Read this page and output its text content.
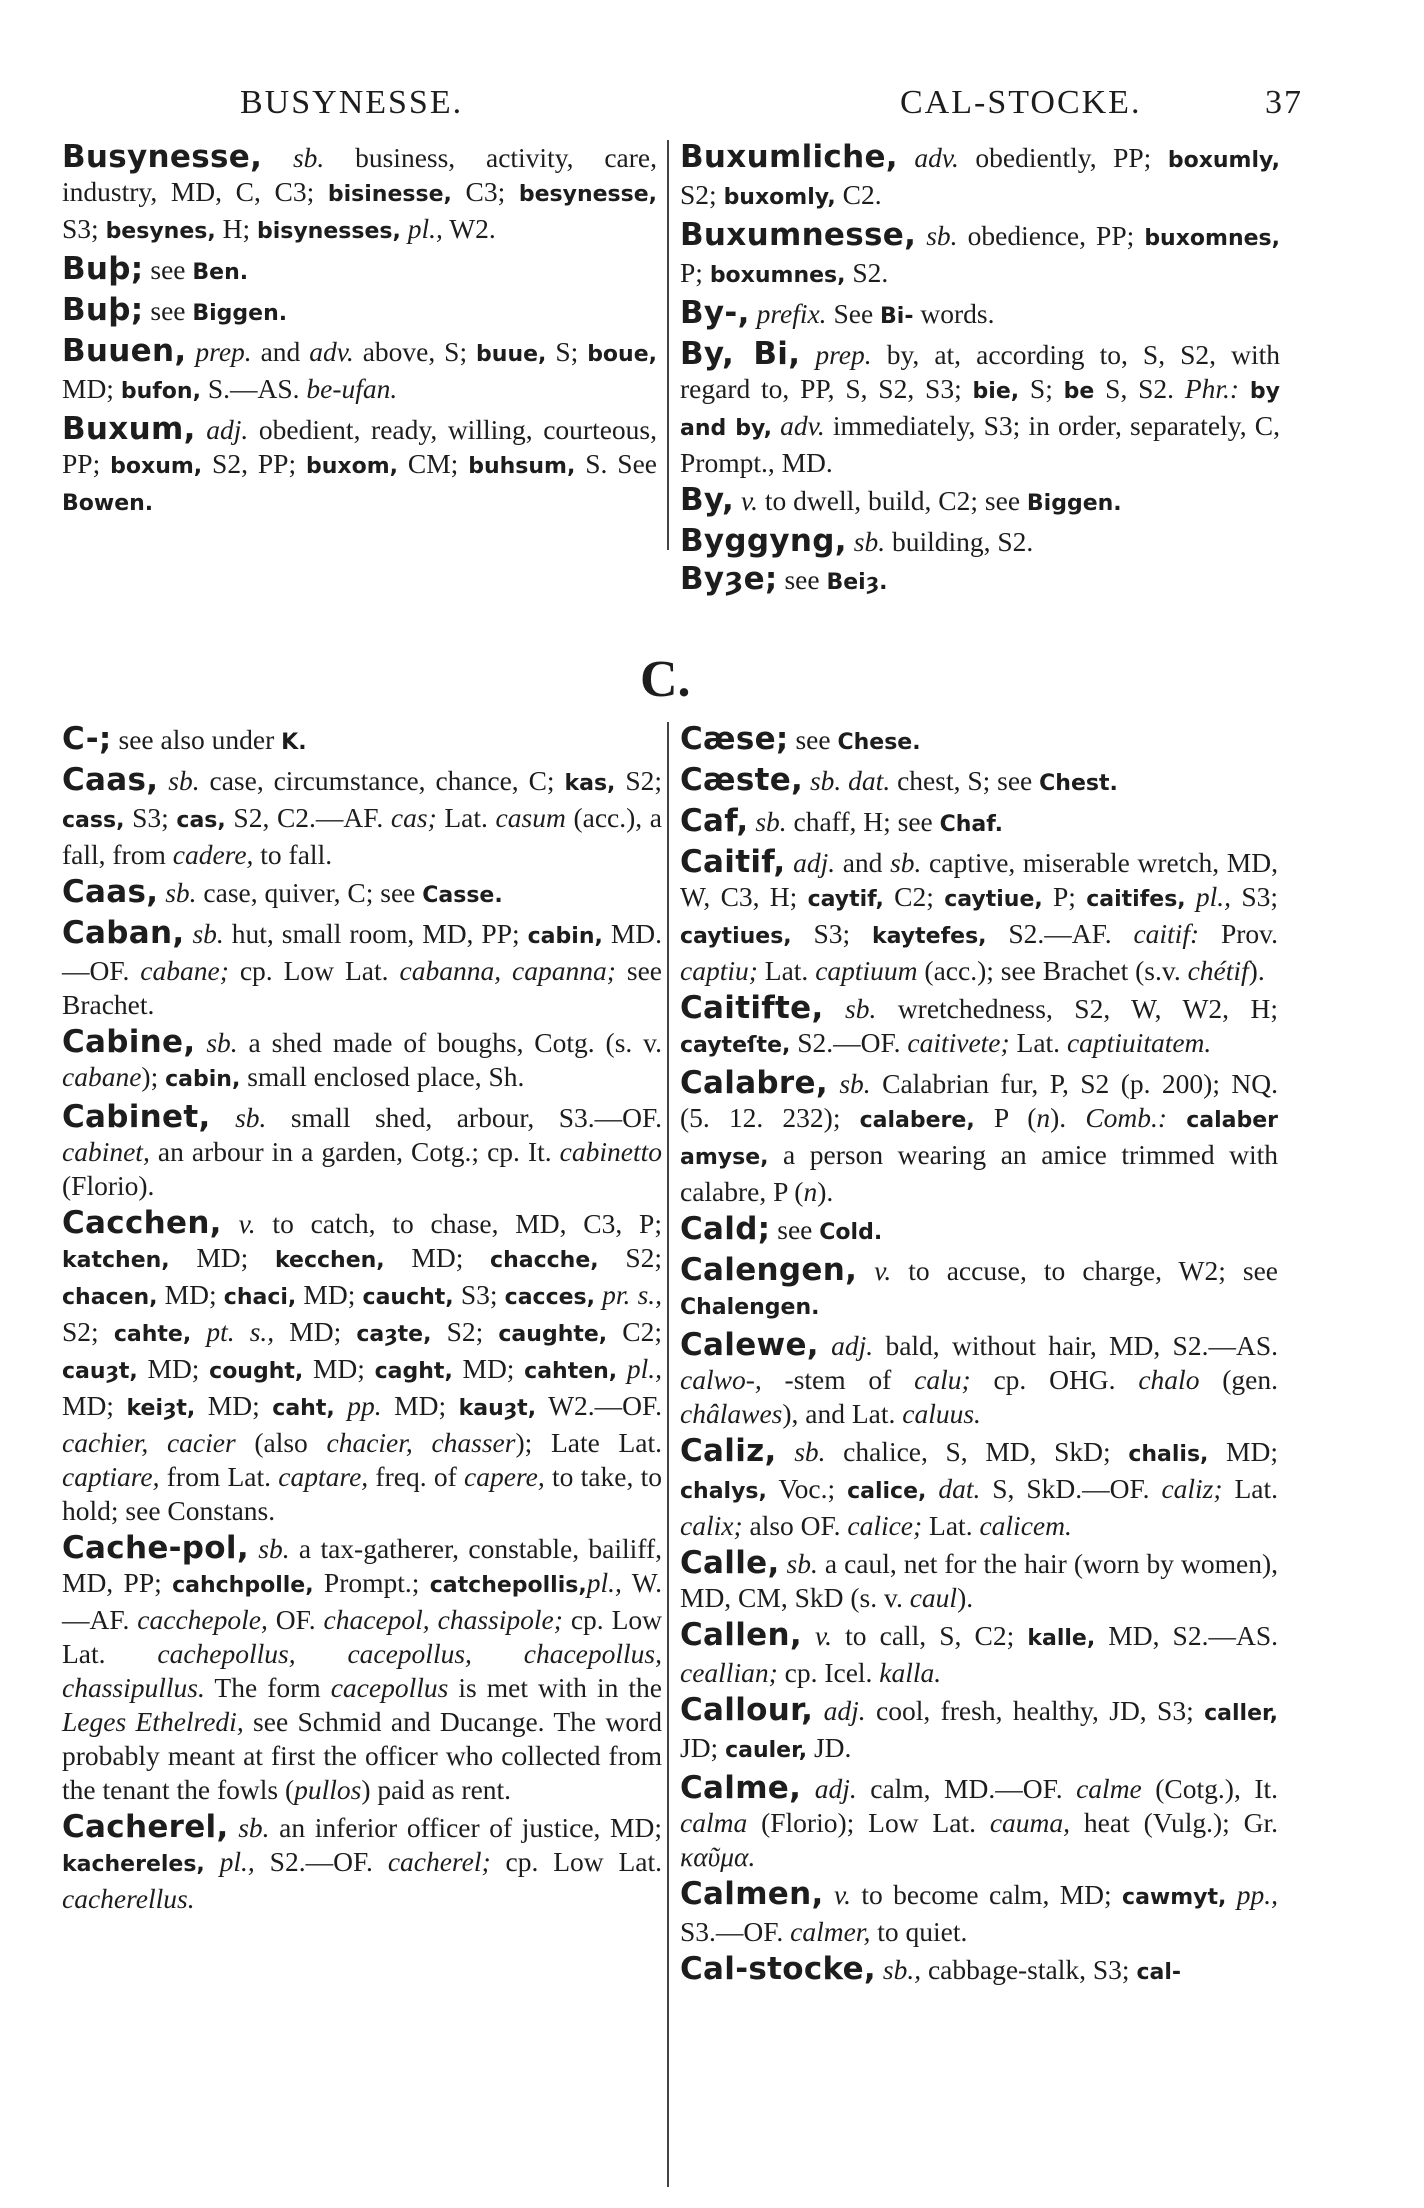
BUSYNESSE.	CAL-STOCKE.	37
C.
Busynesse, sb. business, activity, care, industry, MD, C, C3; bisinesse, C3; besynesse, S3; besynes, H; bisynesses, pl., W2.
Buþ; see Ben.
Buþ; see Biggen.
Buuen, prep. and adv. above, S; buue, S; boue, MD; bufon, S.—AS. be-ufan.
Buxum, adj. obedient, ready, willing, courteous, PP; boxum, S2, PP; buxom, CM; buhsum, S. See Bowen.
Buxumliche, adv. obediently, PP; boxumly, S2; buxomly, C2.
Buxumnesse, sb. obedience, PP; buxomnes, P; boxumnes, S2.
By-, prefix. See Bi- words.
By, Bi, prep. by, at, according to, S, S2, with regard to, PP, S, S2, S3; bie, S; be S, S2. Phr.: by and by, adv. immediately, S3; in order, separately, C, Prompt., MD.
By, v. to dwell, build, C2; see Biggen.
Byggyng, sb. building, S2.
Byȝe; see Beiȝ.
C-; see also under K.
Caas, sb. case, circumstance, chance, C; kas, S2; cass, S3; cas, S2, C2.—AF. cas; Lat. casum (acc.), a fall, from cadere, to fall.
Caas, sb. case, quiver, C; see Casse.
Caban, sb. hut, small room, MD, PP; cabin, MD.—OF. cabane; cp. Low Lat. cabanna, capanna; see Brachet.
Cabine, sb. a shed made of boughs, Cotg. (s. v. cabane); cabin, small enclosed place, Sh.
Cabinet, sb. small shed, arbour, S3.—OF. cabinet, an arbour in a garden, Cotg.; cp. It. cabinetto (Florio).
Cacchen, v. to catch, to chase, MD, C3, P; katchen, MD; kecchen, MD; chacche, S2; chacen, MD; chaci, MD; caucht, S3; cacces, pr. s., S2; cahte, pt. s., MD; caȝte, S2; caughte, C2; cauȝt, MD; cought, MD; caght, MD; cahten, pl., MD; keiȝt, MD; caht, pp. MD; kauȝt, W2.—OF. cachier, cacier (also chacier, chasser); Late Lat. captiare, from Lat. captare, freq. of capere, to take, to hold; see Constans.
Cache-pol, sb. a tax-gatherer, constable, bailiff, MD, PP; cahchpolle, Prompt.; catchepollis,pl., W.—AF. cacchepole, OF. chacepol, chassipole; cp. Low Lat. cachepollus, cacepollus, chacepollus, chassipullus. The form cacepollus is met with in the Leges Ethelredi, see Schmid and Ducange. The word probably meant at first the officer who collected from the tenant the fowls (pullos) paid as rent.
Cacherel, sb. an inferior officer of justice, MD; kachereles, pl., S2.—OF. cacherel; cp. Low Lat. cacherellus.
Cæse; see Chese.
Cæste, sb. dat. chest, S; see Chest.
Caf, sb. chaff, H; see Chaf.
Caitif, adj. and sb. captive, miserable wretch, MD, W, C3, H; caytif, C2; caytiue, P; caitifes, pl., S3; caytiues, S3; kaytefes, S2.—AF. caitif: Prov. captiu; Lat. captiuum (acc.); see Brachet (s.v. chétif).
Caitifte, sb. wretchedness, S2, W, W2, H; cayteſte, S2.—OF. caitivete; Lat. captiuitatem.
Calabre, sb. Calabrian fur, P, S2 (p. 200); NQ. (5. 12. 232); calabere, P (n). Comb.: calaber amyse, a person wearing an amice trimmed with calabre, P (n).
Cald; see Cold.
Calengen, v. to accuse, to charge, W2; see Chalengen.
Calewe, adj. bald, without hair, MD, S2.—AS. calwo-, -stem of calu; cp. OHG. chalo (gen. châlawes), and Lat. caluus.
Caliz, sb. chalice, S, MD, SkD; chalis, MD; chalys, Voc.; calice, dat. S, SkD.—OF. caliz; Lat. calix; also OF. calice; Lat. calicem.
Calle, sb. a caul, net for the hair (worn by women), MD, CM, SkD (s. v. caul).
Callen, v. to call, S, C2; kalle, MD, S2.—AS. ceallian; cp. Icel. kalla.
Callour, adj. cool, fresh, healthy, JD, S3; caller, JD; cauler, JD.
Calme, adj. calm, MD.—OF. calme (Cotg.), It. calma (Florio); Low Lat. cauma, heat (Vulg.); Gr. καῦμα.
Calmen, v. to become calm, MD; cawmyt, pp., S3.—OF. calmer, to quiet.
Cal-stocke, sb., cabbage-stalk, S3; cal-
